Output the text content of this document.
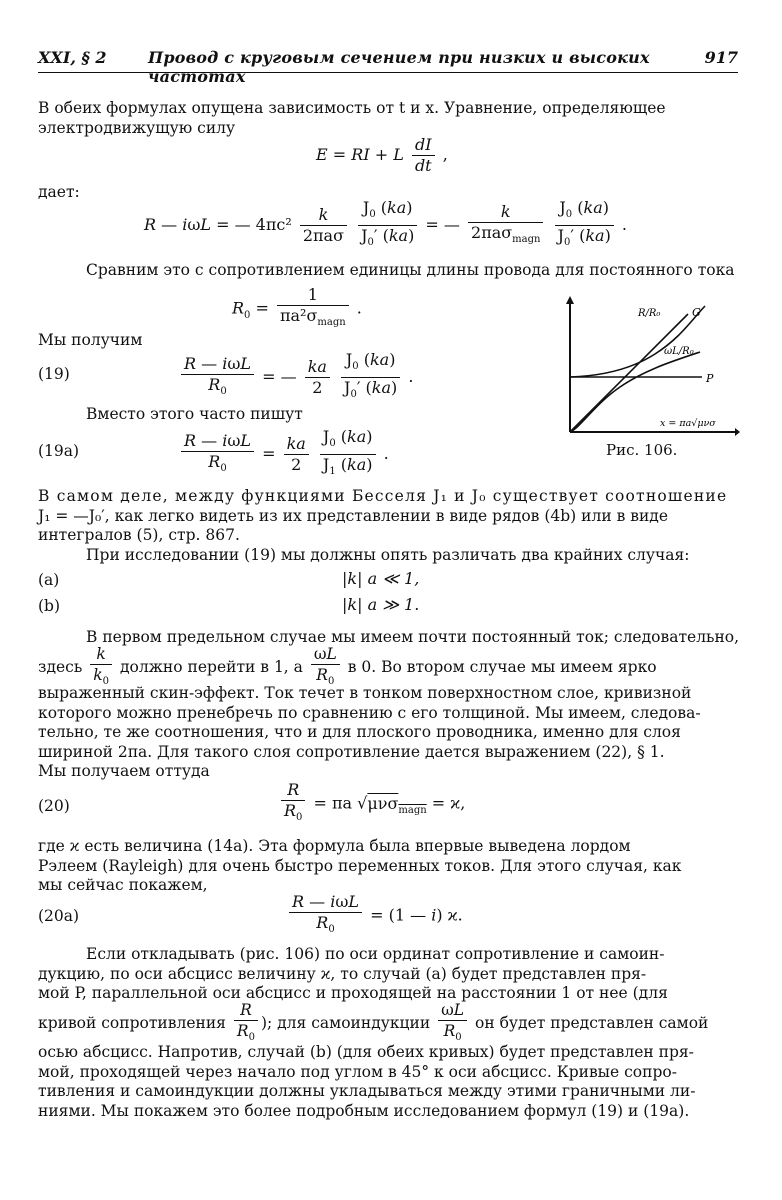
XXI, § 2	Провод с круговым сечением при низких и высоких частотах
917
В обеих формулах опущена зависимость от t и x. Уравнение, определяющее
электродвижущую силу
E = RI + L $\frac{dI}{dt}$ ,
дает:
R — iωL = — $4\pi c^2 \frac{k}{\text{2πaσ}}$
$\frac{J_0 (ka)}{J_0' (ka)}$ = — $\frac{k}{2\pi a\sigma_{magn}}$
$\frac{J_0 (ka)}{J_0' (ka)}$ .
Сравним это с сопротивлением единицы длины провода для постоянного тока
$R_0 = \frac{1}{\pi a^2\sigma_{magn}}$ .
Мы получим
(19)	$\frac{\text{R — iωL}}{R_0}$ = — $\frac{ka}{2}$
$\frac{J_0 (ka)}{J_0' (ka)}$ .
Вместо этого часто пишут
(19a)	$\frac{\text{R — iωL}}{R_0} = \frac{ka}{2}$
$\frac{J_0 (ka)}{J_1 (ka)}$ .
R/R₀	G
ωL/R₀
P
x = πa√μνσ
Рис. 106.
В самом деле, между функциями Бесселя J₁ и J₀ существует соотношение
J₁ = —J₀′, как легко видеть из их представлении в виде рядов (4b) или в виде
интегралов (5), стр. 867.
При исследовании (19) мы должны опять различать два крайних случая:
(a)	|k| a ≪ 1,
(b)	|k| a ≫ 1.
В первом предельном случае мы имеем почти постоянный ток; следовательно,
здесь $\frac{k}{k_0}$ должно перейти в 1, а $\frac{\omega L}{R_0}$ в 0. Во втором случае мы имеем ярко
выраженный скин-эффект. Ток течет в тонком поверхностном слое, кривизной
которого можно пренебречь по сравнению с его толщиной. Мы имеем, следова-
тельно, те же соотношения, что и для плоского проводника, именно для слоя
шириной 2πa. Для такого слоя сопротивление дается выражением (22), § 1.
Мы получаем оттуда
(20)	$\frac{R}{R_0} = \pi a$ √μνσ$_{magn}$ = ϰ,
где ϰ есть величина (14a). Эта формула была впервые выведена лордом
Рэлеем (Rayleigh) для очень быстро переменных токов. Для этого случая, как
мы сейчас покажем,
(20a)	$\frac{\text{R — iωL}}{R_0} = (1$ — i) ϰ.
Если откладывать (рис. 106) по оси ординат сопротивление и самоин-
дукцию, по оси абсцисс величину ϰ, то случай (a) будет представлен пря-
мой P, параллельной оси абсцисс и проходящей на расстоянии 1 от нее (для
кривой сопротивления $\frac{R}{R_0}$ ); для самоиндукции $\frac{\omega L}{R_0}$ он будет представлен самой
осью абсцисс. Напротив, случай (b) (для обеих кривых) будет представлен пря-
мой, проходящей через начало под углом в 45° к оси абсцисс. Кривые сопро-
тивления и самоиндукции должны укладываться между этими граничными ли-
ниями. Мы покажем это более подробным исследованием формул (19) и (19a).
